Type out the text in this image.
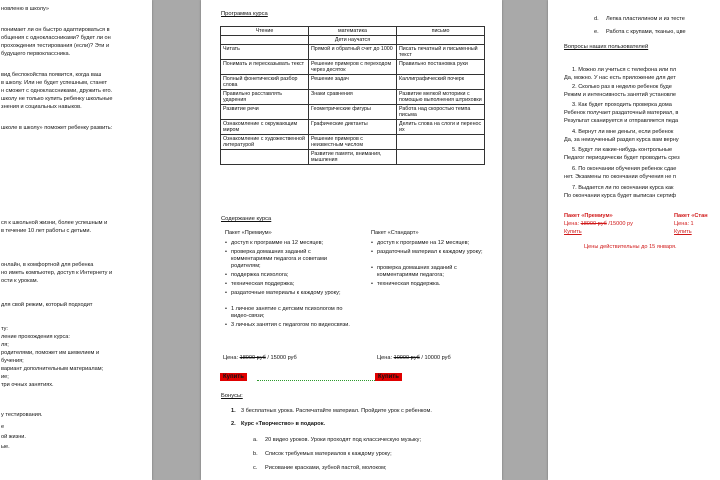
новленю в школу»
понимает ли он быстро адаптироваться в
общения с одноклассниками? будет ли он
прохождения тестирования (если)? Эти и
будущего первоклассника.
вид беспокойства появится, когда ваш
в школу. Или не будет успешным, станет
н сможет с одноклассниками, дружить его.
школу не только купить ребенку школьные
знения и социальных навыков.
школе в школу» поможет ребенку развить:
ся к школьной жизни, более успешным и
в течение 10 лет работы с детьми.
онлайн, в комфортной для ребенка
но иметь компьютер, доступ к Интернету и
ости к урокам.
для свой режим, который подходит
ту:
ление прохождения курса:
ля;
родителями, поможет им шевелием и
бучения;
вариант дополнительным материалам;
ие;
три очных занятиях.
у тестирования.
е
ой жизни.
ые.
Программа курса
Чтение	математика	письмо
	Дети научатся	
Читать	Прямой и обратный счет до 1000	Писать печатный и письменный текст
Понимать и пересказывать текст	Решение примеров с переходом через десяток	Правильно постановка руки
Полный фонетический разбор слова	Решение задач	Каллиграфический почерк
Правильно расставлять ударения	Знаки сравнения	Развитие мелкой моторики с помощью выполнения штриховки
Развитие речи	Геометрические фигуры	Работа над скоростью темпа письма
Ознакомление с окружающим миром	Графические диктанты	Делить слова на слоги и перенос их
Ознакомление с художественной литературой	Решение примеров с неизвестным числом	
	Развитие памяти, внимания, мышления	
Содержание курса
Пакет «Премиум»
• доступ к программе на 12 месяцев;
• проверка домашних заданий с комментариями педагога и советами родителям;
• поддержка психолога;
• техническая поддержка;
• раздаточные материалы к каждому уроку;
• 1 личное занятие с детским психологом по видео-связи;
• 3 личных занятия с педагогом по видеосвязи.
Цена: 18000 руб / 15000 руб
Купить
Пакет «Стандарт»
• доступ к программе на 12 месяцев;
• раздаточный материал к каждому уроку;
• проверка домашних заданий с комментариями педагога;
• техническая поддержка.
Цена: 10000 руб / 10000 руб
Купить
Бонусы:
1. 3 бесплатных урока. Распечатайте материал. Пройдите урок с ребенком.
2. Курс «Творчество» в подарок.
a. 20 видео уроков. Уроки проходят под классическую музыку;
b. Список требуемых материалов к каждому уроку;
c. Рисование красками, зубной пастой, молоком;
d. Лепка пластилином и из тесте
e. Работа с крупами, тканью, цве
Вопросы наших пользователей
1. Можно ли учиться с телефона или пл
Да, можно. У нас есть приложение для дет
2. Сколько раз в неделю ребенок буде
Режим и интенсивность занятий установле
3. Как будет проходить проверка дома
Ребенок получает раздаточный материал, в
Результат сканируется и отправляется педа
4. Вернут ли мне деньги, если ребенок
Да, за неизученный раздел курса вам верну
5. Будут ли какие-нибудь контрольные
Педагог периодически будет проводить срез
6. По окончании обучения ребенок сдае
нет. Экзамены по окончании обучения не п
7. Выдается ли по окончании курса как
По окончании курса будет выписан сертиф
Пакет «Премиум»	Пакет «Стан
Цена: 18000 руб /15000 ру	Цена: 1
Купить	Купить
Цены действительны до 15 января.
